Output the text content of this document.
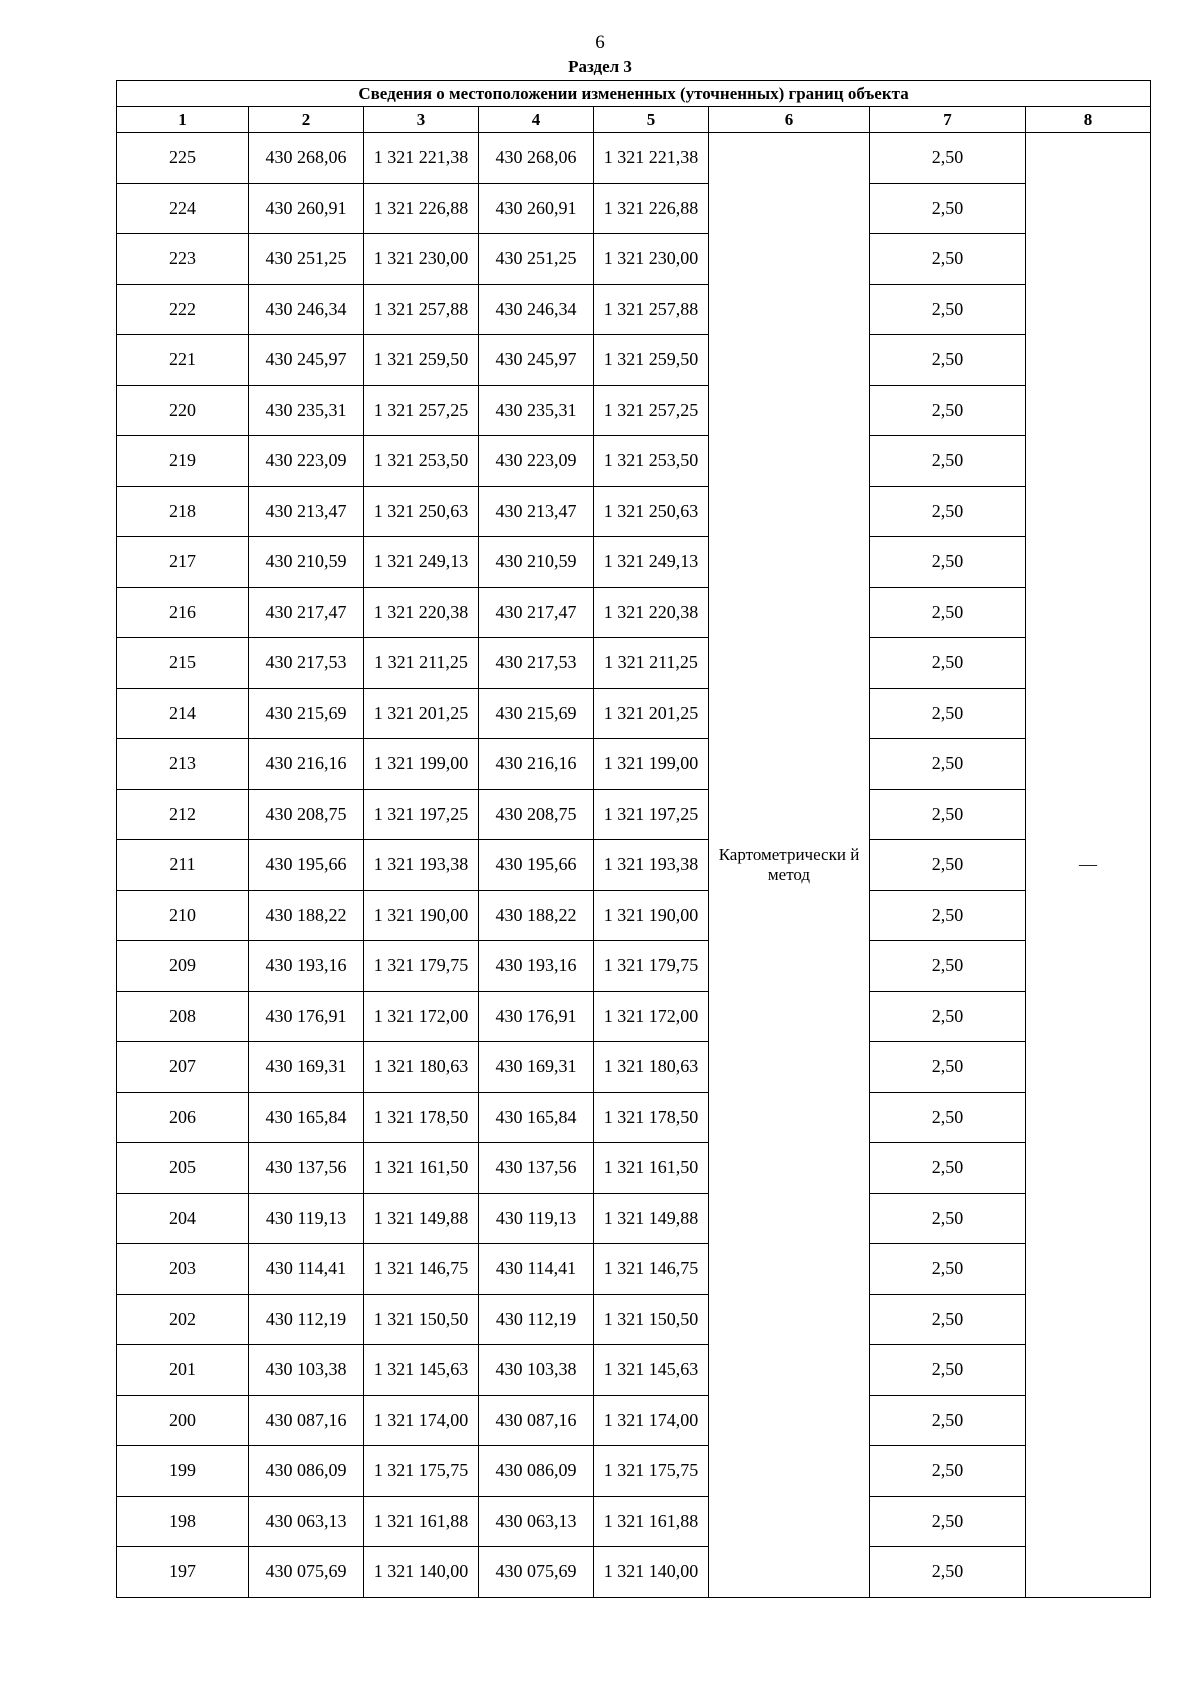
6
Раздел 3
Сведения о местоположении измененных (уточненных) границ объекта							
1	2	3	4	5	6	7	8
225	430 268,06	1 321 221,38	430 268,06	1 321 221,38	Картометрически й метод	2,50	—
224	430 260,91	1 321 226,88	430 260,91	1 321 226,88		2,50	
223	430 251,25	1 321 230,00	430 251,25	1 321 230,00		2,50	
222	430 246,34	1 321 257,88	430 246,34	1 321 257,88		2,50	
221	430 245,97	1 321 259,50	430 245,97	1 321 259,50		2,50	
220	430 235,31	1 321 257,25	430 235,31	1 321 257,25		2,50	
219	430 223,09	1 321 253,50	430 223,09	1 321 253,50		2,50	
218	430 213,47	1 321 250,63	430 213,47	1 321 250,63		2,50	
217	430 210,59	1 321 249,13	430 210,59	1 321 249,13		2,50	
216	430 217,47	1 321 220,38	430 217,47	1 321 220,38		2,50	
215	430 217,53	1 321 211,25	430 217,53	1 321 211,25		2,50	
214	430 215,69	1 321 201,25	430 215,69	1 321 201,25		2,50	
213	430 216,16	1 321 199,00	430 216,16	1 321 199,00		2,50	
212	430 208,75	1 321 197,25	430 208,75	1 321 197,25		2,50	
211	430 195,66	1 321 193,38	430 195,66	1 321 193,38		2,50	
210	430 188,22	1 321 190,00	430 188,22	1 321 190,00		2,50	
209	430 193,16	1 321 179,75	430 193,16	1 321 179,75		2,50	
208	430 176,91	1 321 172,00	430 176,91	1 321 172,00		2,50	
207	430 169,31	1 321 180,63	430 169,31	1 321 180,63		2,50	
206	430 165,84	1 321 178,50	430 165,84	1 321 178,50		2,50	
205	430 137,56	1 321 161,50	430 137,56	1 321 161,50		2,50	
204	430 119,13	1 321 149,88	430 119,13	1 321 149,88		2,50	
203	430 114,41	1 321 146,75	430 114,41	1 321 146,75		2,50	
202	430 112,19	1 321 150,50	430 112,19	1 321 150,50		2,50	
201	430 103,38	1 321 145,63	430 103,38	1 321 145,63		2,50	
200	430 087,16	1 321 174,00	430 087,16	1 321 174,00		2,50	
199	430 086,09	1 321 175,75	430 086,09	1 321 175,75		2,50	
198	430 063,13	1 321 161,88	430 063,13	1 321 161,88		2,50	
197	430 075,69	1 321 140,00	430 075,69	1 321 140,00		2,50	
